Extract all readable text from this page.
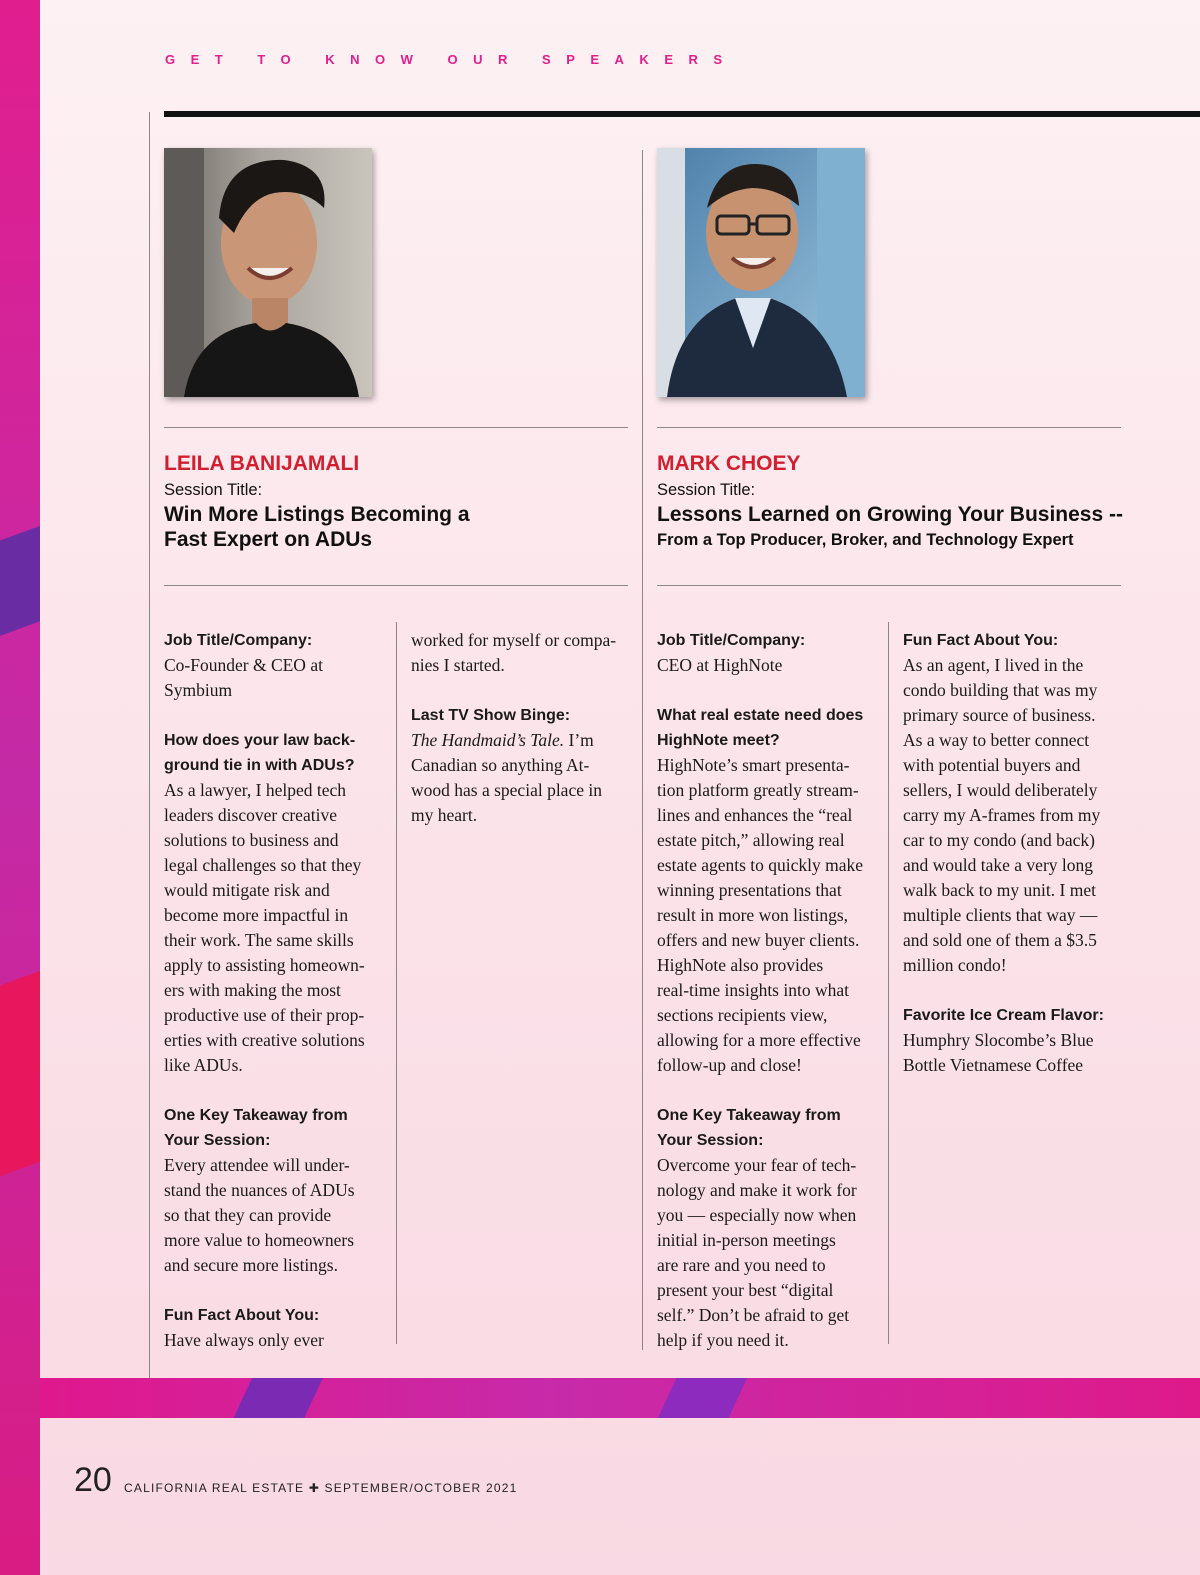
GET TO KNOW OUR SPEAKERS
LEILA BANIJAMALI
Session Title:
Win More Listings Becoming a
Fast Expert on ADUs
MARK CHOEY
Session Title:
Lessons Learned on Growing Your Business --
From a Top Producer, Broker, and Technology Expert

Job Title/Company:
Co-Founder & CEO at
Symbium

How does your law back-
ground tie in with ADUs?
As a lawyer, I helped tech
leaders discover creative
solutions to business and
legal challenges so that they
would mitigate risk and
become more impactful in
their work. The same skills
apply to assisting homeown-
ers with making the most
productive use of their prop-
erties with creative solutions
like ADUs.

One Key Takeaway from
Your Session:
Every attendee will under-
stand the nuances of ADUs
so that they can provide
more value to homeowners
and secure more listings.

Fun Fact About You:
Have always only ever

worked for myself or compa-
nies I started.

Last TV Show Binge:
The Handmaid’s Tale. I’m
Canadian so anything At-
wood has a special place in
my heart.

Job Title/Company:
CEO at HighNote

What real estate need does
HighNote meet?
HighNote’s smart presenta-
tion platform greatly stream-
lines and enhances the “real
estate pitch,” allowing real
estate agents to quickly make
winning presentations that
result in more won listings,
offers and new buyer clients.
HighNote also provides
real-time insights into what
sections recipients view,
allowing for a more effective
follow-up and close!

One Key Takeaway from
Your Session:
Overcome your fear of tech-
nology and make it work for
you — especially now when
initial in-person meetings
are rare and you need to
present your best “digital
self.” Don’t be afraid to get
help if you need it.

Fun Fact About You:
As an agent, I lived in the
condo building that was my
primary source of business.
As a way to better connect
with potential buyers and
sellers, I would deliberately
carry my A-frames from my
car to my condo (and back)
and would take a very long
walk back to my unit. I met
multiple clients that way —
and sold one of them a $3.5
million condo!

Favorite Ice Cream Flavor:
Humphry Slocombe’s Blue
Bottle Vietnamese Coffee

20 CALIFORNIA REAL ESTATE ✚ SEPTEMBER/OCTOBER 2021
